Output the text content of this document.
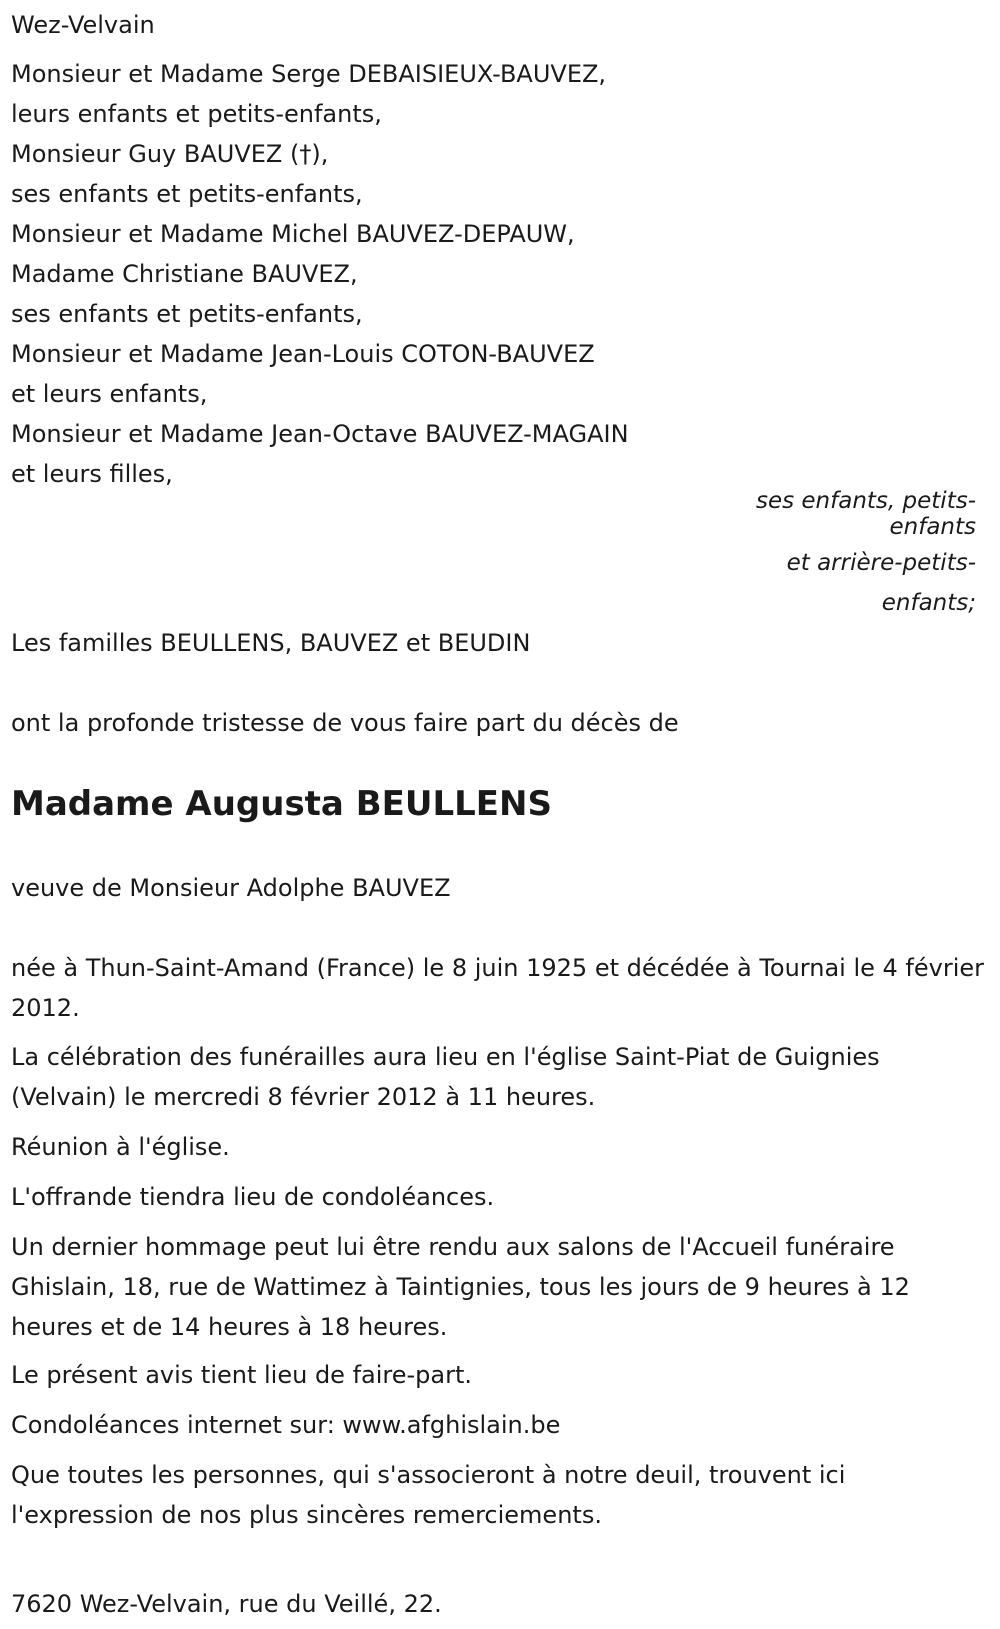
Wez-Velvain
Monsieur et Madame Serge DEBAISIEUX-BAUVEZ,
leurs enfants et petits-enfants,
Monsieur Guy BAUVEZ (†),
ses enfants et petits-enfants,
Monsieur et Madame Michel BAUVEZ-DEPAUW,
Madame Christiane BAUVEZ,
ses enfants et petits-enfants,
Monsieur et Madame Jean-Louis COTON-BAUVEZ
et leurs enfants,
Monsieur et Madame Jean-Octave BAUVEZ-MAGAIN
et leurs filles,
ses enfants, petits-
enfants
et arrière-petits-
enfants;
Les familles BEULLENS, BAUVEZ et BEUDIN
ont la profonde tristesse de vous faire part du décès de
Madame Augusta BEULLENS
veuve de Monsieur Adolphe BAUVEZ
née à Thun-Saint-Amand (France) le 8 juin 1925 et décédée à Tournai le 4 février 2012.
La célébration des funérailles aura lieu en l'église Saint-Piat de Guignies (Velvain) le mercredi 8 février 2012 à 11 heures.
Réunion à l'église.
L'offrande tiendra lieu de condoléances.
Un dernier hommage peut lui être rendu aux salons de l'Accueil funéraire Ghislain, 18, rue de Wattimez à Taintignies, tous les jours de 9 heures à 12 heures et de 14 heures à 18 heures.
Le présent avis tient lieu de faire-part.
Condoléances internet sur: www.afghislain.be
Que toutes les personnes, qui s'associeront à notre deuil, trouvent ici l'expression de nos plus sincères remerciements.
7620 Wez-Velvain, rue du Veillé, 22.
